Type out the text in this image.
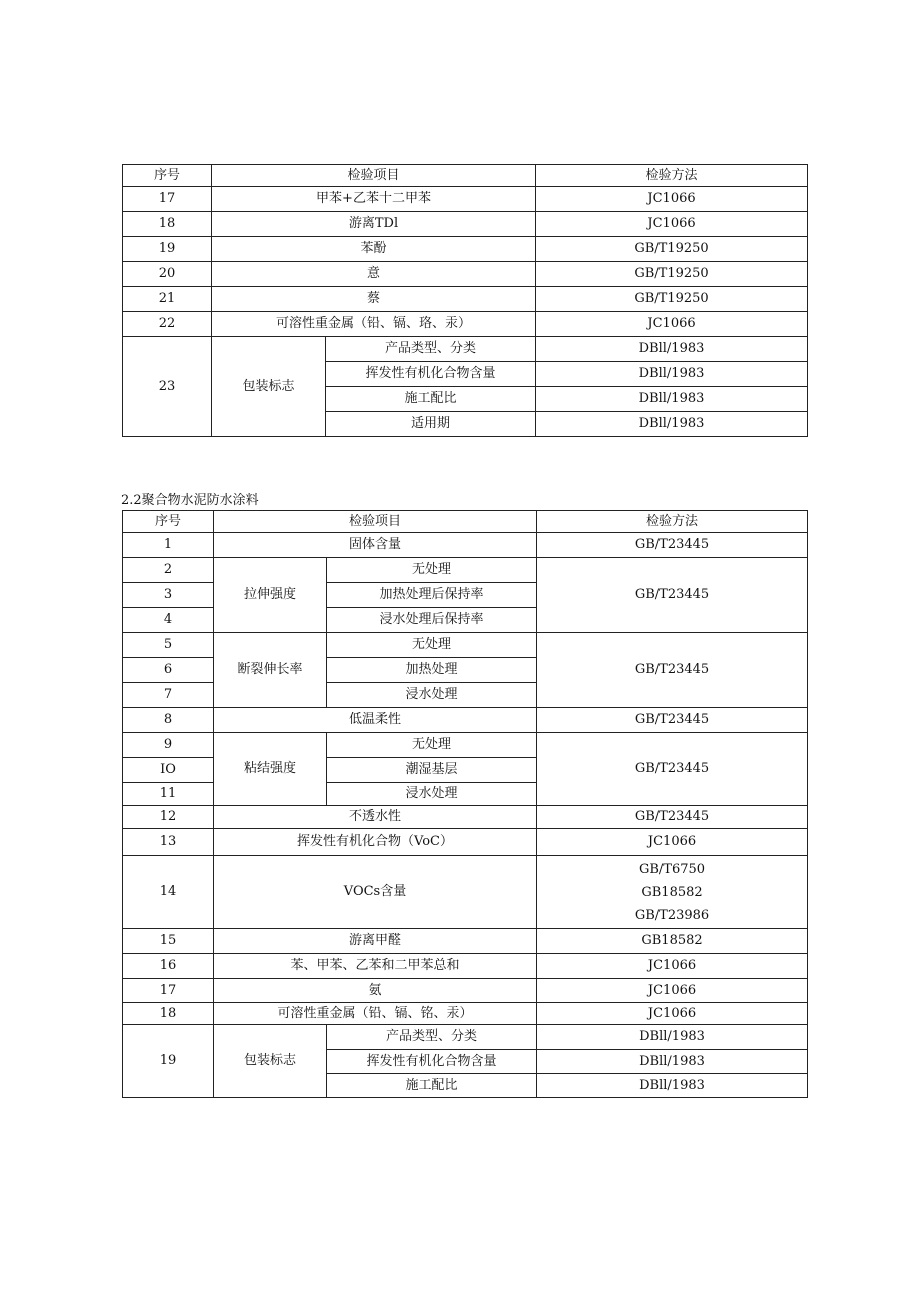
序号	检验项目		检验方法
17	甲苯+乙苯十二甲苯		JC1066
18	游离TDl		JC1066
19	苯酚		GB/T19250
20	意		GB/T19250
21	蔡		GB/T19250
22	可溶性重金属（铅、镉、珞、汞）		JC1066
23	包装标志	产品类型、分类	DBll/1983
		挥发性有机化合物含量	DBll/1983
		施工配比	DBll/1983
		适用期	DBll/1983
2.2聚合物水泥防水涂料
序号	检验项目		检验方法
1	固体含量		GB/T23445
2	拉伸强度	无处理	GB/T23445
3		加热处理后保持率	
4		浸水处理后保持率	
5	断裂伸长率	无处理	GB/T23445
6		加热处理	
7		浸水处理	
8	低温柔性		GB/T23445
9	粘结强度	无处理	GB/T23445
IO		潮湿基层	
11		浸水处理	
12	不透水性		GB/T23445
13	挥发性有机化合物（VoC）		JC1066
14	VOCs含量		GB/T6750
GB18582
GB/T23986

15	游离甲醛		GB18582
16	苯、甲苯、乙苯和二甲苯总和		JC1066
17	氨		JC1066
18	可溶性重金属（铅、镉、铭、汞）		JC1066
19	包装标志	产品类型、分类	DBll/1983
		挥发性有机化合物含量	DBll/1983
		施工配比	DBll/1983
